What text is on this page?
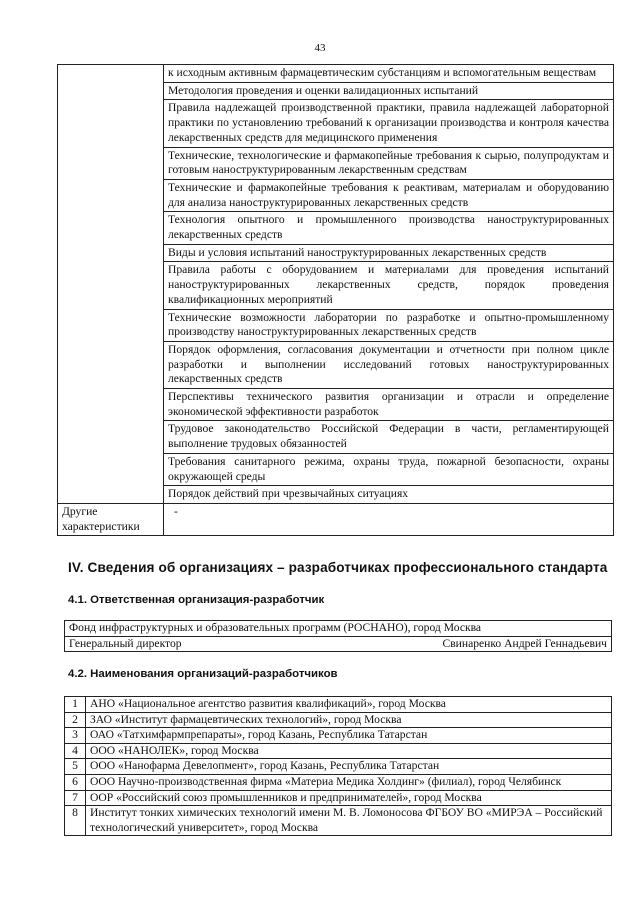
43
	к исходным активным фармацевтическим субстанциям и вспомогательным веществам
	Методология проведения и оценки валидационных испытаний
	Правила надлежащей производственной практики, правила надлежащей лабораторной практики по установлению требований к организации производства и контроля качества лекарственных средств для медицинского применения
	Технические, технологические и фармакопейные требования к сырью, полупродуктам и готовым наноструктурированным лекарственным средствам
	Технические и фармакопейные требования к реактивам, материалам и оборудованию для анализа наноструктурированных лекарственных средств
	Технология опытного и промышленного производства наноструктурированных лекарственных средств
	Виды и условия испытаний наноструктурированных лекарственных средств
	Правила работы с оборудованием и материалами для проведения испытаний наноструктурированных лекарственных средств, порядок проведения квалификационных мероприятий
	Технические возможности лаборатории по разработке и опытно-промышленному производству наноструктурированных лекарственных средств
	Порядок оформления, согласования документации и отчетности при полном цикле разработки и выполнении исследований готовых наноструктурированных лекарственных средств
	Перспективы технического развития организации и отрасли и определение экономической эффективности разработок
	Трудовое законодательство Российской Федерации в части, регламентирующей выполнение трудовых обязанностей
	Требования санитарного режима, охраны труда, пожарной безопасности, охраны окружающей среды
	Порядок действий при чрезвычайных ситуациях
Другие характеристики	-
IV. Сведения об организациях – разработчиках профессионального стандарта
4.1. Ответственная организация-разработчик
Фонд инфраструктурных и образовательных программ (РОСНАНО), город Москва

Генеральный директор	Свинаренко Андрей Геннадьевич
4.2. Наименования организаций-разработчиков
1	АНО «Национальное агентство развития квалификаций», город Москва
2	ЗАО «Институт фармацевтических технологий», город Москва
3	ОАО «Татхимфармпрепараты», город Казань, Республика Татарстан
4	ООО «НАНОЛЕК», город Москва
5	ООО «Нанофарма Девелопмент», город Казань, Республика Татарстан
6	ООО Научно-производственная фирма «Материа Медика Холдинг» (филиал), город Челябинск
7	ООР «Российский союз промышленников и предпринимателей», город Москва
8	Институт тонких химических технологий имени М. В. Ломоносова ФГБОУ ВО «МИРЭА – Российский технологический университет», город Москва
